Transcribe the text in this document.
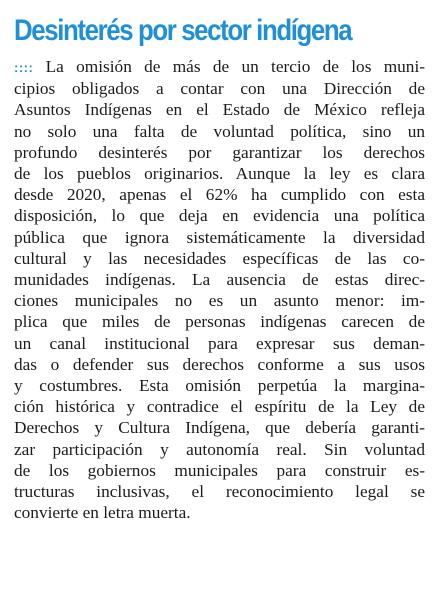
Desinterés por sector indígena
:::: La omisión de más de un tercio de los muni-
cipios obligados a contar con una Dirección de
Asuntos Indígenas en el Estado de México refleja
no solo una falta de voluntad política, sino un
profundo desinterés por garantizar los derechos
de los pueblos originarios. Aunque la ley es clara
desde 2020, apenas el 62% ha cumplido con esta
disposición, lo que deja en evidencia una política
pública que ignora sistemáticamente la diversidad
cultural y las necesidades específicas de las co-
munidades indígenas. La ausencia de estas direc-
ciones municipales no es un asunto menor: im-
plica que miles de personas indígenas carecen de
un canal institucional para expresar sus deman-
das o defender sus derechos conforme a sus usos
y costumbres. Esta omisión perpetúa la margina-
ción histórica y contradice el espíritu de la Ley de
Derechos y Cultura Indígena, que debería garanti-
zar participación y autonomía real. Sin voluntad
de los gobiernos municipales para construir es-
tructuras inclusivas, el reconocimiento legal se
convierte en letra muerta.
